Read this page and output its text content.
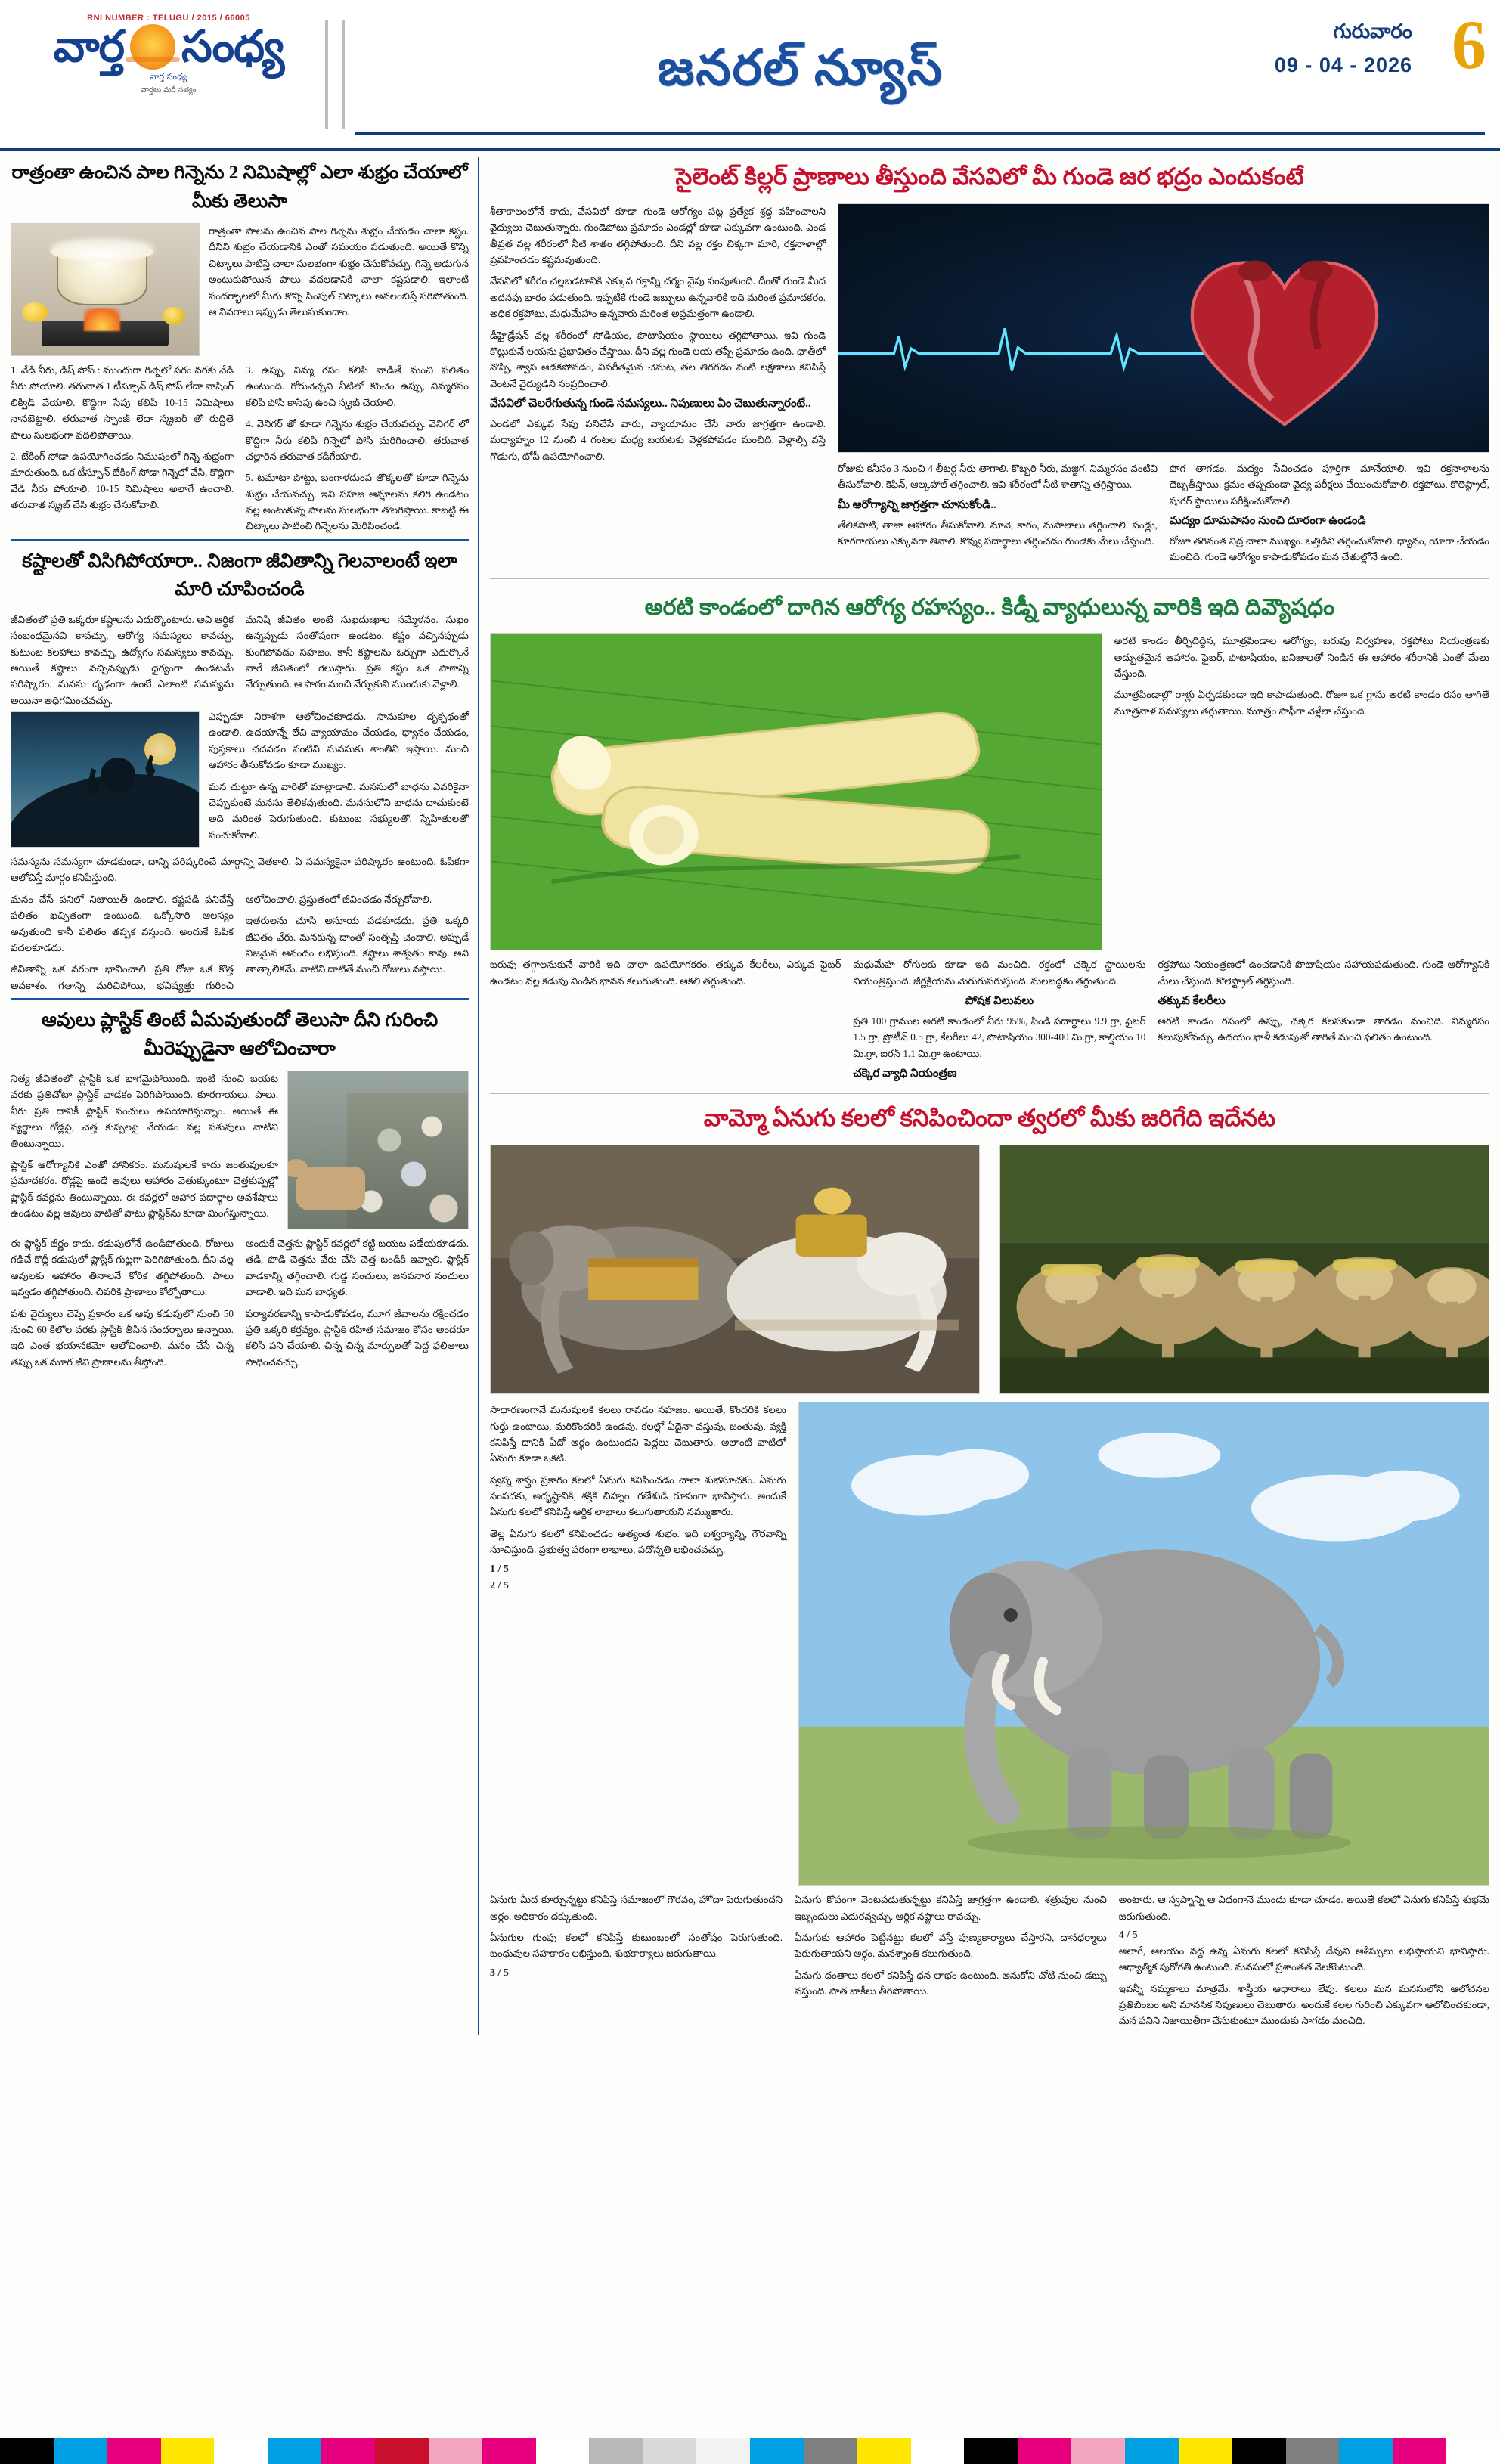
RNI NUMBER : TELUGU / 2015 / 66005
వార్త సంధ్య
వార్త సంధ్య
వార్తలు మరీ సత్యం	జనరల్ న్యూస్
గురువారం
09 - 04 - 2026 6
రాత్రంతా ఉంచిన పాల గిన్నెను 2 నిమిషాల్లో ఎలా శుభ్రం చేయాలో మీకు తెలుసా

రాత్రంతా పాలను ఉంచిన పాల గిన్నెను శుభ్రం చేయడం చాలా కష్టం. దీనిని శుభ్రం చేయడానికి ఎంతో సమయం పడుతుంది. అయితే కొన్ని చిట్కాలు పాటిస్తే చాలా సులభంగా శుభ్రం చేసుకోవచ్చు. గిన్నె అడుగున అంటుకుపోయిన పాలు వదలడానికి చాలా కష్టపడాలి. ఇలాంటి సందర్భాలలో మీరు కొన్ని సింపుల్ చిట్కాలు అవలంబిస్తే సరిపోతుంది. ఆ వివరాలు ఇప్పుడు తెలుసుకుందాం.

1. వేడి నీరు, డిష్ సోప్ : ముందుగా గిన్నెలో సగం వరకు వేడి నీరు పోయాలి. తరువాత 1 టీస్పూన్ డిష్ సోప్ లేదా వాషింగ్ లిక్విడ్ వేయాలి. కొద్దిగా సేపు కలిపి 10-15 నిమిషాలు నానబెట్టాలి. తరువాత స్పాంజ్ లేదా స్క్రబర్ తో రుద్దితే పాలు సులభంగా వదిలిపోతాయి.

2. బేకింగ్ సోడా ఉపయోగించడం నిముషంలో గిన్నె శుభ్రంగా మారుతుంది. ఒక టీస్పూన్ బేకింగ్ సోడా గిన్నెలో వేసి, కొద్దిగా వేడి నీరు పోయాలి. 10-15 నిమిషాలు అలాగే ఉంచాలి. తరువాత స్క్రబ్ చేసి శుభ్రం చేసుకోవాలి.

3. ఉప్పు, నిమ్మ రసం కలిపి వాడితే మంచి ఫలితం ఉంటుంది. గోరువెచ్చని నీటిలో కొంచెం ఉప్పు, నిమ్మరసం కలిపి పోసి కాసేపు ఉంచి స్క్రబ్ చేయాలి.

4. వెనిగర్ తో కూడా గిన్నెను శుభ్రం చేయవచ్చు. వెనిగర్ లో కొద్దిగా నీరు కలిపి గిన్నెలో పోసి మరిగించాలి. తరువాత చల్లారిన తరువాత కడిగేయాలి.

5. టమాటా పొట్టు, బంగాళదుంప తొక్కలతో కూడా గిన్నెను శుభ్రం చేయవచ్చు. ఇవి సహజ ఆమ్లాలను కలిగి ఉండటం వల్ల అంటుకున్న పాలను సులభంగా తొలగిస్తాయి. కాబట్టి ఈ చిట్కాలు పాటించి గిన్నెలను మెరిపించండి.

కష్టాలతో విసిగిపోయారా.. నిజంగా జీవితాన్ని గెలవాలంటే ఇలా మారి చూపించండి

జీవితంలో ప్రతి ఒక్కరూ కష్టాలను ఎదుర్కొంటారు. అవి ఆర్థిక సంబంధమైనవి కావచ్చు, ఆరోగ్య సమస్యలు కావచ్చు, కుటుంబ కలహాలు కావచ్చు, ఉద్యోగం సమస్యలు కావచ్చు. అయితే కష్టాలు వచ్చినప్పుడు ధైర్యంగా ఉండటమే పరిష్కారం. మనసు దృఢంగా ఉంటే ఎలాంటి సమస్యను అయినా అధిగమించవచ్చు.

మనిషి జీవితం అంటే సుఖదుఃఖాల సమ్మేళనం. సుఖం ఉన్నప్పుడు సంతోషంగా ఉండటం, కష్టం వచ్చినప్పుడు కుంగిపోవడం సహజం. కానీ కష్టాలను ఓర్పుగా ఎదుర్కొనే వారే జీవితంలో గెలుస్తారు. ప్రతి కష్టం ఒక పాఠాన్ని నేర్పుతుంది. ఆ పాఠం నుంచి నేర్చుకుని ముందుకు వెళ్లాలి.

ఎప్పుడూ నిరాశగా ఆలోచించకూడదు. సానుకూల దృక్పథంతో ఉండాలి. ఉదయాన్నే లేచి వ్యాయామం చేయడం, ధ్యానం చేయడం, పుస్తకాలు చదవడం వంటివి మనసుకు శాంతిని ఇస్తాయి. మంచి ఆహారం తీసుకోవడం కూడా ముఖ్యం.

మన చుట్టూ ఉన్న వారితో మాట్లాడాలి. మనసులో బాధను ఎవరికైనా చెప్పుకుంటే మనసు తేలికవుతుంది. మనసులోని బాధను దాచుకుంటే అది మరింత పెరుగుతుంది. కుటుంబ సభ్యులతో, స్నేహితులతో పంచుకోవాలి.

సమస్యను సమస్యగా చూడకుండా, దాన్ని పరిష్కరించే మార్గాన్ని వెతకాలి. ఏ సమస్యకైనా పరిష్కారం ఉంటుంది. ఓపికగా ఆలోచిస్తే మార్గం కనిపిస్తుంది.

మనం చేసే పనిలో నిజాయితీ ఉండాలి. కష్టపడి పనిచేస్తే ఫలితం ఖచ్చితంగా ఉంటుంది. ఒక్కోసారి ఆలస్యం అవుతుంది కానీ ఫలితం తప్పక వస్తుంది. అందుకే ఓపిక వదలకూడదు.

జీవితాన్ని ఒక వరంగా భావించాలి. ప్రతి రోజు ఒక కొత్త అవకాశం. గతాన్ని మరిచిపోయి, భవిష్యత్తు గురించి ఆలోచించాలి. ప్రస్తుతంలో జీవించడం నేర్చుకోవాలి.

ఇతరులను చూసి అసూయ పడకూడదు. ప్రతి ఒక్కరి జీవితం వేరు. మనకున్న దాంతో సంతృప్తి చెందాలి. అప్పుడే నిజమైన ఆనందం లభిస్తుంది. కష్టాలు శాశ్వతం కావు. అవి తాత్కాలికమే. వాటిని దాటితే మంచి రోజులు వస్తాయి.

ఆవులు ప్లాస్టిక్ తింటే ఏమవుతుందో తెలుసా దీని గురించి మీరెప్పుడైనా ఆలోచించారా

నిత్య జీవితంలో ప్లాస్టిక్ ఒక భాగమైపోయింది. ఇంటి నుంచి బయట వరకు ప్రతిచోటా ప్లాస్టిక్ వాడకం పెరిగిపోయింది. కూరగాయలు, పాలు, నీరు ప్రతి దానికీ ప్లాస్టిక్ సంచులు ఉపయోగిస్తున్నాం. అయితే ఈ వ్యర్థాలు రోడ్లపై, చెత్త కుప్పలపై వేయడం వల్ల పశువులు వాటిని తింటున్నాయి.

ప్లాస్టిక్ ఆరోగ్యానికి ఎంతో హానికరం. మనుషులకే కాదు జంతువులకూ ప్రమాదకరం. రోడ్లపై ఉండే ఆవులు ఆహారం వెతుక్కుంటూ చెత్తకుప్పల్లో ప్లాస్టిక్ కవర్లను తింటున్నాయి. ఈ కవర్లలో ఆహార పదార్థాల అవశేషాలు ఉండటం వల్ల ఆవులు వాటితో పాటు ప్లాస్టిక్‌ను కూడా మింగేస్తున్నాయి.

ఈ ప్లాస్టిక్ జీర్ణం కాదు. కడుపులోనే ఉండిపోతుంది. రోజులు గడిచే కొద్దీ కడుపులో ప్లాస్టిక్ గుట్టగా పెరిగిపోతుంది. దీని వల్ల ఆవులకు ఆహారం తినాలనే కోరిక తగ్గిపోతుంది. పాలు ఇవ్వడం తగ్గిపోతుంది. చివరికి ప్రాణాలు కోల్పోతాయి.

పశు వైద్యులు చెప్పే ప్రకారం ఒక ఆవు కడుపులో నుంచి 50 నుంచి 60 కిలోల వరకు ప్లాస్టిక్ తీసిన సందర్భాలు ఉన్నాయి. ఇది ఎంత భయానకమో ఆలోచించాలి. మనం చేసే చిన్న తప్పు ఒక మూగ జీవి ప్రాణాలను తీస్తోంది.

అందుకే చెత్తను ప్లాస్టిక్ కవర్లలో కట్టి బయట పడేయకూడదు. తడి, పొడి చెత్తను వేరు చేసి చెత్త బండికి ఇవ్వాలి. ప్లాస్టిక్ వాడకాన్ని తగ్గించాలి. గుడ్డ సంచులు, జనపనార సంచులు వాడాలి. ఇది మన బాధ్యత.

పర్యావరణాన్ని కాపాడుకోవడం, మూగ జీవాలను రక్షించడం ప్రతి ఒక్కరి కర్తవ్యం. ప్లాస్టిక్ రహిత సమాజం కోసం అందరూ కలిసి పని చేయాలి. చిన్న చిన్న మార్పులతో పెద్ద ఫలితాలు సాధించవచ్చు.

సైలెంట్ కిల్లర్ ప్రాణాలు తీస్తుంది వేసవిలో మీ గుండె జర భద్రం ఎందుకంటే

శీతాకాలంలోనే కాదు, వేసవిలో కూడా గుండె ఆరోగ్యం పట్ల ప్రత్యేక శ్రద్ధ వహించాలని వైద్యులు చెబుతున్నారు. గుండెపోటు ప్రమాదం ఎండల్లో కూడా ఎక్కువగా ఉంటుంది. ఎండ తీవ్రత వల్ల శరీరంలో నీటి శాతం తగ్గిపోతుంది. దీని వల్ల రక్తం చిక్కగా మారి, రక్తనాళాల్లో ప్రవహించడం కష్టమవుతుంది.

వేసవిలో శరీరం చల్లబడటానికి ఎక్కువ రక్తాన్ని చర్మం వైపు పంపుతుంది. దీంతో గుండె మీద అదనపు భారం పడుతుంది. ఇప్పటికే గుండె జబ్బులు ఉన్నవారికి ఇది మరింత ప్రమాదకరం. అధిక రక్తపోటు, మధుమేహం ఉన్నవారు మరింత అప్రమత్తంగా ఉండాలి.

డీహైడ్రేషన్ వల్ల శరీరంలో సోడియం, పొటాషియం స్థాయిలు తగ్గిపోతాయి. ఇవి గుండె కొట్టుకునే లయను ప్రభావితం చేస్తాయి. దీని వల్ల గుండె లయ తప్పే ప్రమాదం ఉంది. ఛాతీలో నొప్పి, శ్వాస ఆడకపోవడం, విపరీతమైన చెమట, తల తిరగడం వంటి లక్షణాలు కనిపిస్తే వెంటనే వైద్యుడిని సంప్రదించాలి.

వేసవిలో చెలరేగుతున్న గుండె సమస్యలు.. నిపుణులు ఏం చెబుతున్నారంటే..

ఎండలో ఎక్కువ సేపు పనిచేసే వారు, వ్యాయామం చేసే వారు జాగ్రత్తగా ఉండాలి. మధ్యాహ్నం 12 నుంచి 4 గంటల మధ్య బయటకు వెళ్లకపోవడం మంచిది. వెళ్లాల్సి వస్తే గొడుగు, టోపీ ఉపయోగించాలి.

రోజుకు కనీసం 3 నుంచి 4 లీటర్ల నీరు తాగాలి. కొబ్బరి నీరు, మజ్జిగ, నిమ్మరసం వంటివి తీసుకోవాలి. కెఫిన్, ఆల్కహాల్ తగ్గించాలి. ఇవి శరీరంలో నీటి శాతాన్ని తగ్గిస్తాయి.

మీ ఆరోగ్యాన్ని జాగ్రత్తగా చూసుకోండి..

తేలికపాటి, తాజా ఆహారం తీసుకోవాలి. నూనె, కారం, మసాలాలు తగ్గించాలి. పండ్లు, కూరగాయలు ఎక్కువగా తినాలి. కొవ్వు పదార్థాలు తగ్గించడం గుండెకు మేలు చేస్తుంది.

పొగ తాగడం, మద్యం సేవించడం పూర్తిగా మానేయాలి. ఇవి రక్తనాళాలను దెబ్బతీస్తాయి. క్రమం తప్పకుండా వైద్య పరీక్షలు చేయించుకోవాలి. రక్తపోటు, కొలెస్ట్రాల్, షుగర్ స్థాయిలు పరీక్షించుకోవాలి.

మద్యం ధూమపానం నుంచి దూరంగా ఉండండి

రోజూ తగినంత నిద్ర చాలా ముఖ్యం. ఒత్తిడిని తగ్గించుకోవాలి. ధ్యానం, యోగా చేయడం మంచిది. గుండె ఆరోగ్యం కాపాడుకోవడం మన చేతుల్లోనే ఉంది.

అరటి కాండంలో దాగిన ఆరోగ్య రహస్యం.. కిడ్నీ వ్యాధులున్న వారికి ఇది దివ్యౌషధం

అరటి కాండం తీర్చిదిద్దిన, మూత్రపిండాల ఆరోగ్యం, బరువు నిర్వహణ, రక్తపోటు నియంత్రణకు అద్భుతమైన ఆహారం. ఫైబర్, పొటాషియం, ఖనిజాలతో నిండిన ఈ ఆహారం శరీరానికి ఎంతో మేలు చేస్తుంది.

మూత్రపిండాల్లో రాళ్లు ఏర్పడకుండా ఇది కాపాడుతుంది. రోజూ ఒక గ్లాసు అరటి కాండం రసం తాగితే మూత్రనాళ సమస్యలు తగ్గుతాయి. మూత్రం సాఫీగా వెళ్లేలా చేస్తుంది.

బరువు తగ్గాలనుకునే వారికి ఇది చాలా ఉపయోగకరం. తక్కువ కేలరీలు, ఎక్కువ ఫైబర్ ఉండటం వల్ల కడుపు నిండిన భావన కలుగుతుంది. ఆకలి తగ్గుతుంది.

మధుమేహ రోగులకు కూడా ఇది మంచిది. రక్తంలో చక్కెర స్థాయిలను నియంత్రిస్తుంది. జీర్ణక్రియను మెరుగుపరుస్తుంది. మలబద్ధకం తగ్గుతుంది.

పోషక విలువలు

ప్రతి 100 గ్రాముల అరటి కాండంలో నీరు 95%, పిండి పదార్థాలు 9.9 గ్రా, ఫైబర్ 1.5 గ్రా, ప్రోటీన్ 0.5 గ్రా, కేలరీలు 42, పొటాషియం 300-400 మి.గ్రా, కాల్షియం 10 మి.గ్రా, ఐరన్ 1.1 మి.గ్రా ఉంటాయి.

చక్కెర వ్యాధి నియంత్రణ

రక్తపోటు నియంత్రణలో ఉంచడానికి పొటాషియం సహాయపడుతుంది. గుండె ఆరోగ్యానికి మేలు చేస్తుంది. కొలెస్ట్రాల్ తగ్గిస్తుంది.

తక్కువ కేలరీలు

అరటి కాండం రసంలో ఉప్పు, చక్కెర కలపకుండా తాగడం మంచిది. నిమ్మరసం కలుపుకోవచ్చు. ఉదయం ఖాళీ కడుపుతో తాగితే మంచి ఫలితం ఉంటుంది.

వామ్మో ఏనుగు కలలో కనిపించిందా త్వరలో మీకు జరిగేది ఇదేనట

సాధారణంగానే మనుషులకి కలలు రావడం సహజం. అయితే, కొందరికి కలలు గుర్తు ఉంటాయి, మరికొందరికి ఉండవు. కలల్లో ఏదైనా వస్తువు, జంతువు, వ్యక్తి కనిపిస్తే దానికి ఏదో అర్థం ఉంటుందని పెద్దలు చెబుతారు. అలాంటి వాటిలో ఏనుగు కూడా ఒకటి.

స్వప్న శాస్త్రం ప్రకారం కలలో ఏనుగు కనిపించడం చాలా శుభసూచకం. ఏనుగు సంపదకు, అదృష్టానికి, శక్తికి చిహ్నం. గణేశుడి రూపంగా భావిస్తారు. అందుకే ఏనుగు కలలో కనిపిస్తే ఆర్థిక లాభాలు కలుగుతాయని నమ్ముతారు.

తెల్ల ఏనుగు కలలో కనిపించడం అత్యంత శుభం. ఇది ఐశ్వర్యాన్ని, గౌరవాన్ని సూచిస్తుంది. ప్రభుత్వ పరంగా లాభాలు, పదోన్నతి లభించవచ్చు.

1 / 5
2 / 5

ఏనుగు మీద కూర్చున్నట్టు కనిపిస్తే సమాజంలో గౌరవం, హోదా పెరుగుతుందని అర్థం. అధికారం దక్కుతుంది.

ఏనుగుల గుంపు కలలో కనిపిస్తే కుటుంబంలో సంతోషం పెరుగుతుంది. బంధువుల సహకారం లభిస్తుంది. శుభకార్యాలు జరుగుతాయి.

3 / 5

ఏనుగు కోపంగా వెంటపడుతున్నట్టు కనిపిస్తే జాగ్రత్తగా ఉండాలి. శత్రువుల నుంచి ఇబ్బందులు ఎదురవ్వచ్చు. ఆర్థిక నష్టాలు రావచ్చు.

ఏనుగుకు ఆహారం పెట్టినట్టు కలలో వస్తే పుణ్యకార్యాలు చేస్తారని, దానధర్మాలు పెరుగుతాయని అర్థం. మనశ్శాంతి కలుగుతుంది.

ఏనుగు దంతాలు కలలో కనిపిస్తే ధన లాభం ఉంటుంది. అనుకోని చోటి నుంచి డబ్బు వస్తుంది. పాత బాకీలు తీరిపోతాయి.

అంటారు. ఆ స్వప్నాన్ని ఆ విధంగానే ముందు కూడా చూడం. అయితే కలలో ఏనుగు కనిపిస్తే శుభమే జరుగుతుంది.

4 / 5

అలాగే, ఆలయం వద్ద ఉన్న ఏనుగు కలలో కనిపిస్తే దేవుని ఆశీస్సులు లభిస్తాయని భావిస్తారు. ఆధ్యాత్మిక పురోగతి ఉంటుంది. మనసులో ప్రశాంతత నెలకొంటుంది.

ఇవన్నీ నమ్మకాలు మాత్రమే. శాస్త్రీయ ఆధారాలు లేవు. కలలు మన మనసులోని ఆలోచనల ప్రతిబింబం అని మానసిక నిపుణులు చెబుతారు. అందుకే కలల గురించి ఎక్కువగా ఆలోచించకుండా, మన పనిని నిజాయితీగా చేసుకుంటూ ముందుకు సాగడం మంచిది.
